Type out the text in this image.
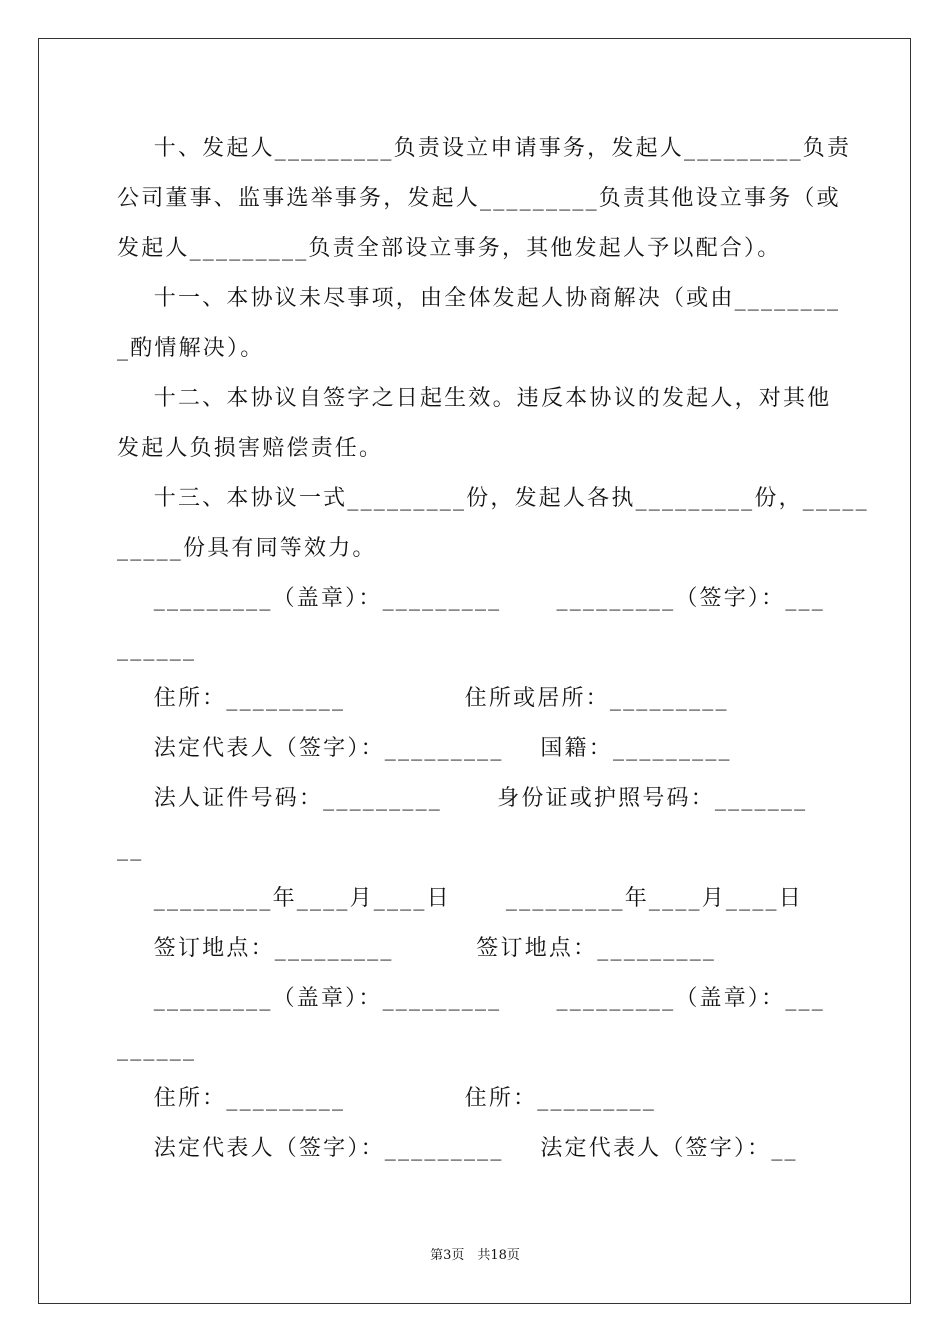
十、发起人_________负责设立申请事务，发起人_________负责
公司董事、监事选举事务，发起人_________负责其他设立事务（或
发起人_________负责全部设立事务，其他发起人予以配合）。
十一、本协议未尽事项，由全体发起人协商解决（或由________
_酌情解决）。
十二、本协议自签字之日起生效。违反本协议的发起人，对其他
发起人负损害赔偿责任。
十三、本协议一式_________份，发起人各执_________份，_____
_____份具有同等效力。
_________（盖章）：_________      _________（签字）：___
______
住所：_________             住所或居所：_________
法定代表人（签字）：_________    国籍：_________
法人证件号码：_________      身份证或护照号码：_______
__
_________年____月____日      _________年____月____日
签订地点：_________         签订地点：_________
_________（盖章）：_________      _________（盖章）：___
______
住所：_________             住所：_________
法定代表人（签字）：_________    法定代表人（签字）：__
第3页　共18页
